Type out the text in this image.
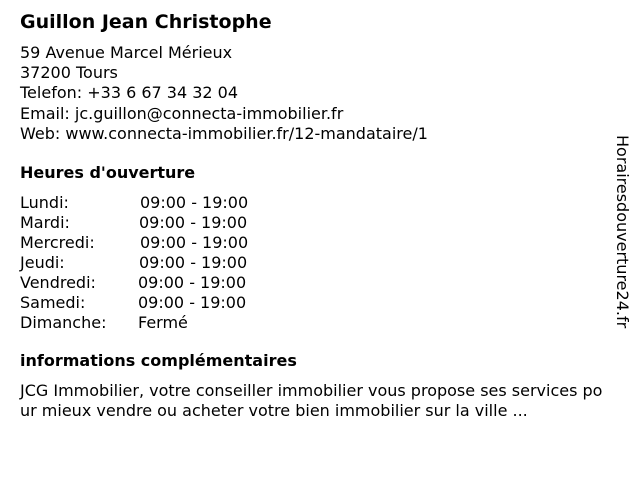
Guillon Jean Christophe
59 Avenue Marcel Mérieux
37200 Tours
Telefon: +33 6 67 34 32 04
Email: jc.guillon@connecta-immobilier.fr
Web: www.connecta-immobilier.fr/12-mandataire/1
Heures d'ouverture
Lundi:	09:00 - 19:00
Mardi:	09:00 - 19:00
Mercredi:	09:00 - 19:00
Jeudi:	09:00 - 19:00
Vendredi:	09:00 - 19:00
Samedi:	09:00 - 19:00
Dimanche:	Fermé
informations complémentaires
JCG Immobilier, votre conseiller immobilier vous propose ses services pour mieux vendre ou acheter votre bien immobilier sur la ville ...
Horairesdouverture24.fr
